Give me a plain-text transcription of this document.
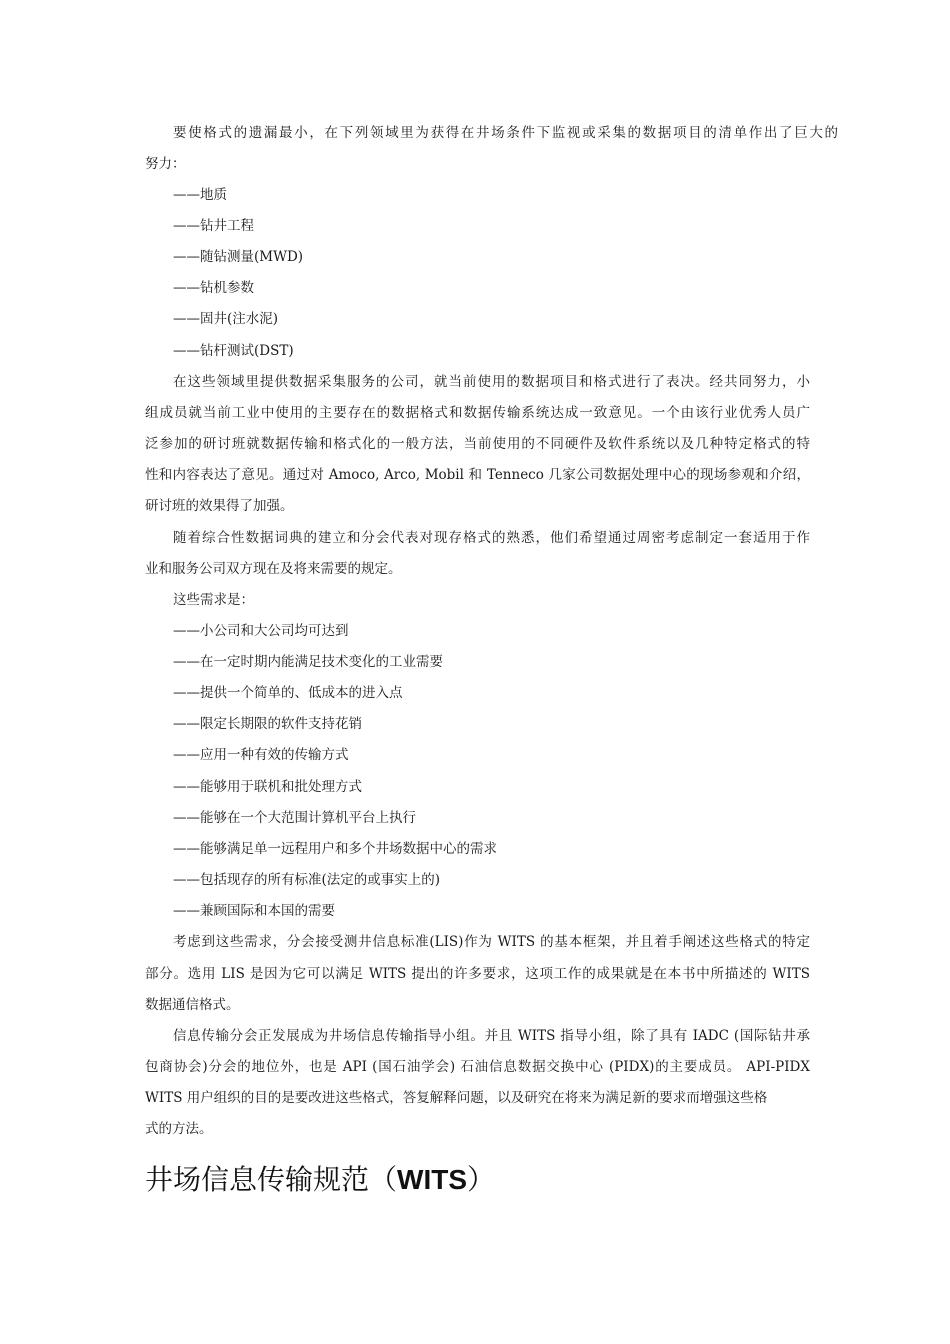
要使格式的遗漏最小，在下列领域里为获得在井场条件下监视或采集的数据项目的清单作出了巨大的
努力：
——地质
——钻井工程
——随钻测量(MWD)
——钻机参数
——固井(注水泥)
——钻杆测试(DST)
在这些领域里提供数据采集服务的公司，就当前使用的数据项目和格式进行了表决。经共同努力，小
组成员就当前工业中使用的主要存在的数据格式和数据传输系统达成一致意见。一个由该行业优秀人员广
泛参加的研讨班就数据传输和格式化的一般方法，当前使用的不同硬件及软件系统以及几种特定格式的特
性和内容表达了意见。通过对 Amoco, Arco, Mobil 和 Tenneco 几家公司数据处理中心的现场参观和介绍，
研讨班的效果得了加强。
随着综合性数据词典的建立和分会代表对现存格式的熟悉，他们希望通过周密考虑制定一套适用于作
业和服务公司双方现在及将来需要的规定。
这些需求是：
——小公司和大公司均可达到
——在一定时期内能满足技术变化的工业需要
——提供一个简单的、低成本的进入点
——限定长期限的软件支持花销
——应用一种有效的传输方式
——能够用于联机和批处理方式
——能够在一个大范围计算机平台上执行
——能够满足单一远程用户和多个井场数据中心的需求
——包括现存的所有标准(法定的或事实上的)
——兼顾国际和本国的需要
考虑到这些需求，分会接受测井信息标准(LIS)作为 WITS 的基本框架，并且着手阐述这些格式的特定
部分。选用 LIS 是因为它可以满足 WITS 提出的许多要求，这项工作的成果就是在本书中所描述的 WITS
数据通信格式。
信息传输分会正发展成为井场信息传输指导小组。并且 WITS 指导小组，除了具有 IADC (国际钻井承
包商协会)分会的地位外，也是 API (国石油学会) 石油信息数据交换中心 (PIDX)的主要成员。 API-PIDX
WITS 用户组织的目的是要改进这些格式，答复解释问题，以及研究在将来为满足新的要求而增强这些格
式的方法。
井场信息传输规范（WITS）
